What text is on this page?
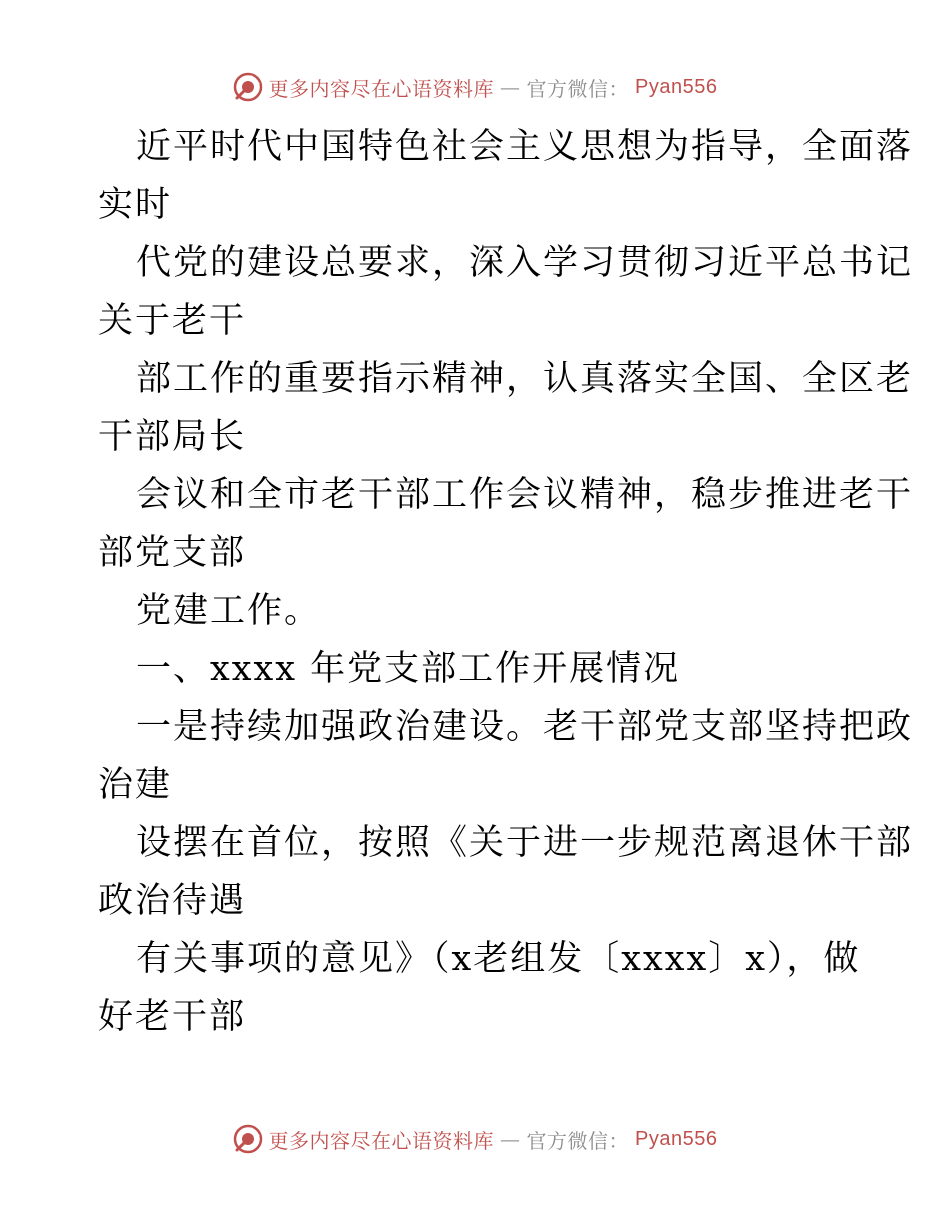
更多内容尽在心语资料库 — 官方微信： Pyan556
近平时代中国特色社会主义思想为指导，全面落
实时
代党的建设总要求，深入学习贯彻习近平总书记
关于老干
部工作的重要指示精神，认真落实全国、全区老
干部局长
会议和全市老干部工作会议精神，稳步推进老干
部党支部
党建工作。
一、xxxx 年党支部工作开展情况
一是持续加强政治建设。老干部党支部坚持把政
治建
设摆在首位，按照《关于进一步规范离退休干部
政治待遇
有关事项的意见》（x老组发〔xxxx〕x），做
好老干部
更多内容尽在心语资料库 — 官方微信： Pyan556
